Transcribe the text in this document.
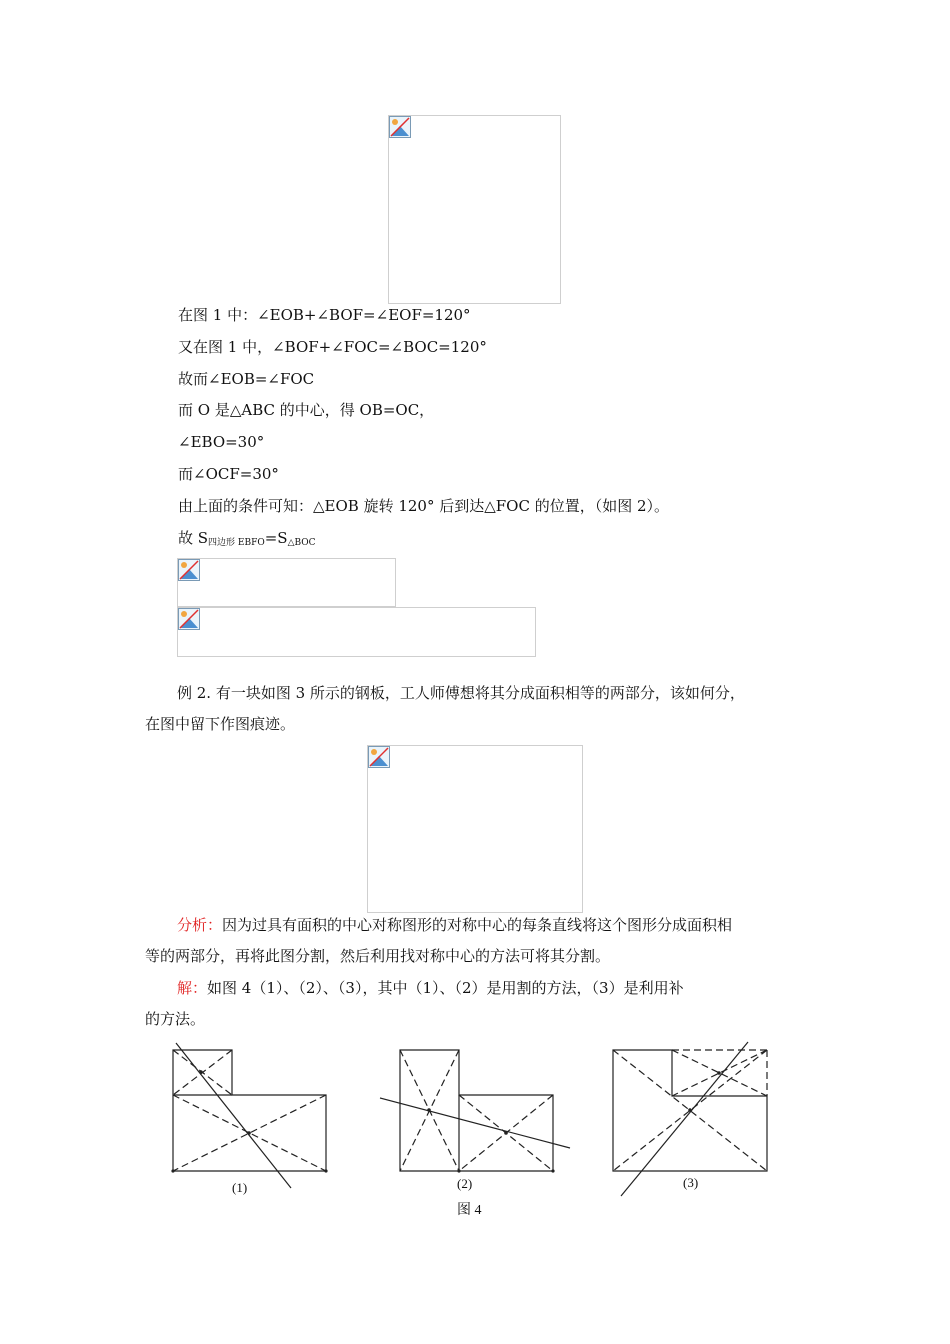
在图 1 中：∠EOB+∠BOF=∠EOF=120°
又在图 1 中，∠BOF+∠FOC=∠BOC=120°
故而∠EOB=∠FOC
而 O 是△ABC 的中心，得 OB=OC，
∠EBO=30°
而∠OCF=30°
由上面的条件可知：△EOB 旋转 120° 后到达△FOC 的位置，（如图 2）。
故 $S_{四边形 EBFO}=S_{\triangle BOC}$
例 2. 有一块如图 3 所示的钢板，工人师傅想将其分成面积相等的两部分，该如何分，
在图中留下作图痕迹。
分析：因为过具有面积的中心对称图形的对称中心的每条直线将这个图形分成面积相
等的两部分，再将此图分割，然后利用找对称中心的方法可将其分割。
解：如图 4（1）、（2）、（3），其中（1）、（2）是用割的方法，（3）是利用补
的方法。
(1)	(2)	(3)
图 4
